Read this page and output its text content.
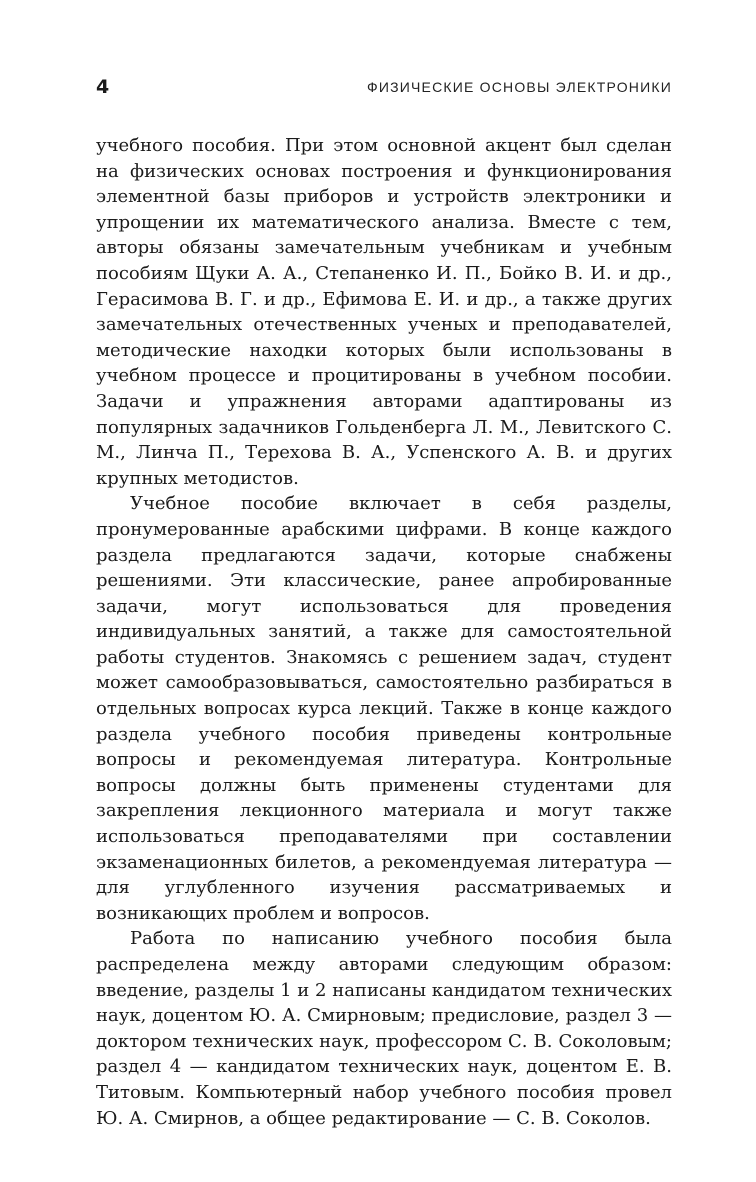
4	ФИЗИЧЕСКИЕ ОСНОВЫ ЭЛЕКТРОНИКИ

учебного пособия. При этом основной акцент был сделан на физических основах построения и функционирования элементной базы приборов и устройств электроники и упрощении их математического анализа. Вместе с тем, авторы обязаны замечательным учебникам и учебным пособиям Щуки А. А., Степаненко И. П., Бойко В. И. и др., Герасимова В. Г. и др., Ефимова Е. И. и др., а также других замечательных отечественных ученых и преподавателей, методические находки которых были использованы в учебном процессе и процитированы в учебном пособии. Задачи и упражнения авторами адаптированы из популярных задачников Гольденберга Л. М., Левитского С. М., Линча П., Терехова В. А., Успенского А. В. и других крупных методистов.

Учебное пособие включает в себя разделы, пронумерованные арабскими цифрами. В конце каждого раздела предлагаются задачи, которые снабжены решениями. Эти классические, ранее апробированные задачи, могут использоваться для проведения индивидуальных занятий, а также для самостоятельной работы студентов. Знакомясь с решением задач, студент может самообразовываться, самостоятельно разбираться в отдельных вопросах курса лекций. Также в конце каждого раздела учебного пособия приведены контрольные вопросы и рекомендуемая литература. Контрольные вопросы должны быть применены студентами для закрепления лекционного материала и могут также использоваться преподавателями при составлении экзаменационных билетов, а рекомендуемая литература — для углубленного изучения рассматриваемых и возникающих проблем и вопросов.

Работа по написанию учебного пособия была распределена между авторами следующим образом: введение, разделы 1 и 2 написаны кандидатом технических наук, доцентом Ю. А. Смирновым; предисловие, раздел 3 — доктором технических наук, профессором С. В. Соколовым; раздел 4 — кандидатом технических наук, доцентом Е. В. Титовым. Компьютерный набор учебного пособия провел Ю. А. Смирнов, а общее редактирование — С. В. Соколов.
